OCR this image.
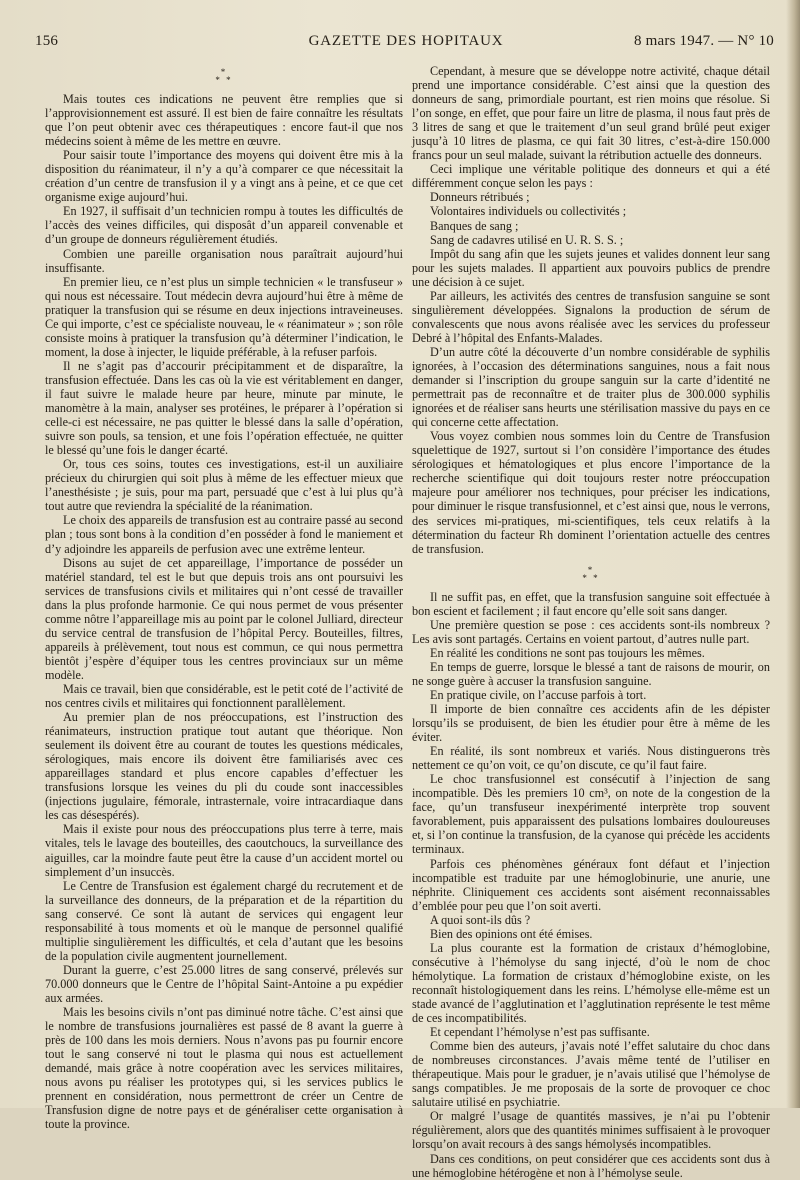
156	GAZETTE DES HOPITAUX	8 mars 1947. — N° 10
*
* *

Mais toutes ces indications ne peuvent être remplies que si l’approvisionnement est assuré. Il est bien de faire connaître les résultats que l’on peut obtenir avec ces thérapeutiques : encore faut-il que nos médecins soient à même de les mettre en œuvre.

Pour saisir toute l’importance des moyens qui doivent être mis à la disposition du réanimateur, il n’y a qu’à comparer ce que nécessitait la création d’un centre de transfusion il y a vingt ans à peine, et ce que cet organisme exige aujourd’hui.

En 1927, il suffisait d’un technicien rompu à toutes les difficultés de l’accès des veines difficiles, qui disposât d’un appareil convenable et d’un groupe de donneurs régulièrement étudiés.

Combien une pareille organisation nous paraîtrait aujourd’hui insuffisante.

En premier lieu, ce n’est plus un simple technicien « le transfuseur » qui nous est nécessaire. Tout médecin devra aujourd’hui être à même de pratiquer la transfusion qui se résume en deux injections intraveineuses. Ce qui importe, c’est ce spécialiste nouveau, le « réanimateur » ; son rôle consiste moins à pratiquer la transfusion qu’à déterminer l’indication, le moment, la dose à injecter, le liquide préférable, à la refuser parfois.

Il ne s’agit pas d’accourir précipitamment et de disparaître, la transfusion effectuée. Dans les cas où la vie est véritablement en danger, il faut suivre le malade heure par heure, minute par minute, le manomètre à la main, analyser ses protéines, le préparer à l’opération si celle-ci est nécessaire, ne pas quitter le blessé dans la salle d’opération, suivre son pouls, sa tension, et une fois l’opération effectuée, ne quitter le blessé qu’une fois le danger écarté.

Or, tous ces soins, toutes ces investigations, est-il un auxiliaire précieux du chirurgien qui soit plus à même de les effectuer mieux que l’anesthésiste ; je suis, pour ma part, persuadé que c’est à lui plus qu’à tout autre que reviendra la spécialité de la réanimation.

Le choix des appareils de transfusion est au contraire passé au second plan ; tous sont bons à la condition d’en posséder à fond le maniement et d’y adjoindre les appareils de perfusion avec une extrême lenteur.

Disons au sujet de cet appareillage, l’importance de posséder un matériel standard, tel est le but que depuis trois ans ont poursuivi les services de transfusions civils et militaires qui n’ont cessé de travailler dans la plus profonde harmonie. Ce qui nous permet de vous présenter comme nôtre l’appareillage mis au point par le colonel Julliard, directeur du service central de transfusion de l’hôpital Percy. Bouteilles, filtres, appareils à prélèvement, tout nous est commun, ce qui nous permettra bientôt j’espère d’équiper tous les centres provinciaux sur un même modèle.

Mais ce travail, bien que considérable, est le petit coté de l’activité de nos centres civils et militaires qui fonctionnent parallèlement.

Au premier plan de nos préoccupations, est l’instruction des réanimateurs, instruction pratique tout autant que théorique. Non seulement ils doivent être au courant de toutes les questions médicales, sérologiques, mais encore ils doivent être familiarisés avec ces appareillages standard et plus encore capables d’effectuer les transfusions lorsque les veines du pli du coude sont inaccessibles (injections jugulaire, fémorale, intrasternale, voire intracardiaque dans les cas désespérés).

Mais il existe pour nous des préoccupations plus terre à terre, mais vitales, tels le lavage des bouteilles, des caoutchoucs, la surveillance des aiguilles, car la moindre faute peut être la cause d’un accident mortel ou simplement d’un insuccès.

Le Centre de Transfusion est également chargé du recrutement et de la surveillance des donneurs, de la préparation et de la répartition du sang conservé. Ce sont là autant de services qui engagent leur responsabilité à tous moments et où le manque de personnel qualifié multiplie singulièrement les difficultés, et cela d’autant que les besoins de la population civile augmentent journellement.

Durant la guerre, c’est 25.000 litres de sang conservé, prélevés sur 70.000 donneurs que le Centre de l’hôpital Saint-Antoine a pu expédier aux armées.

Mais les besoins civils n’ont pas diminué notre tâche. C’est ainsi que le nombre de transfusions journalières est passé de 8 avant la guerre à près de 100 dans les mois derniers. Nous n’avons pas pu fournir encore tout le sang conservé ni tout le plasma qui nous est actuellement demandé, mais grâce à notre coopération avec les services militaires, nous avons pu réaliser les prototypes qui, si les services publics le prennent en considération, nous permettront de créer un Centre de Transfusion digne de notre pays et de généraliser cette organisation à toute la province.

Cependant, à mesure que se développe notre activité, chaque détail prend une importance considérable. C’est ainsi que la question des donneurs de sang, primordiale pourtant, est rien moins que résolue. Si l’on songe, en effet, que pour faire un litre de plasma, il nous faut près de 3 litres de sang et que le traitement d’un seul grand brûlé peut exiger jusqu’à 10 litres de plasma, ce qui fait 30 litres, c’est-à-dire 150.000 francs pour un seul malade, suivant la rétribution actuelle des donneurs.

Ceci implique une véritable politique des donneurs et qui a été différemment conçue selon les pays :

Donneurs rétribués ;

Volontaires individuels ou collectivités ;

Banques de sang ;

Sang de cadavres utilisé en U. R. S. S. ;

Impôt du sang afin que les sujets jeunes et valides donnent leur sang pour les sujets malades. Il appartient aux pouvoirs publics de prendre une décision à ce sujet.

Par ailleurs, les activités des centres de transfusion sanguine se sont singulièrement développées. Signalons la production de sérum de convalescents que nous avons réalisée avec les services du professeur Debré à l’hôpital des Enfants-Malades.

D’un autre côté la découverte d’un nombre considérable de syphilis ignorées, à l’occasion des déterminations sanguines, nous a fait nous demander si l’inscription du groupe sanguin sur la carte d’identité ne permettrait pas de reconnaître et de traiter plus de 300.000 syphilis ignorées et de réaliser sans heurts une stérilisation massive du pays en ce qui concerne cette affectation.

Vous voyez combien nous sommes loin du Centre de Transfusion squelettique de 1927, surtout si l’on considère l’importance des études sérologiques et hématologiques et plus encore l’importance de la recherche scientifique qui doit toujours rester notre préoccupation majeure pour améliorer nos techniques, pour préciser les indications, pour diminuer le risque transfusionnel, et c’est ainsi que, nous le verrons, des services mi-pratiques, mi-scientifiques, tels ceux relatifs à la détermination du facteur Rh dominent l’orientation actuelle des centres de transfusion.

*
* *

Il ne suffit pas, en effet, que la transfusion sanguine soit effectuée à bon escient et facilement ; il faut encore qu’elle soit sans danger.

Une première question se pose : ces accidents sont-ils nombreux ? Les avis sont partagés. Certains en voient partout, d’autres nulle part.

En réalité les conditions ne sont pas toujours les mêmes.

En temps de guerre, lorsque le blessé a tant de raisons de mourir, on ne songe guère à accuser la transfusion sanguine.

En pratique civile, on l’accuse parfois à tort.

Il importe de bien connaître ces accidents afin de les dépister lorsqu’ils se produisent, de bien les étudier pour être à même de les éviter.

En réalité, ils sont nombreux et variés. Nous distinguerons très nettement ce qu’on voit, ce qu’on discute, ce qu’il faut faire.

Le choc transfusionnel est consécutif à l’injection de sang incompatible. Dès les premiers 10 cm³, on note de la congestion de la face, qu’un transfuseur inexpérimenté interprète trop souvent favorablement, puis apparaissent des pulsations lombaires douloureuses et, si l’on continue la transfusion, de la cyanose qui précède les accidents terminaux.

Parfois ces phénomènes généraux font défaut et l’injection incompatible est traduite par une hémoglobinurie, une anurie, une néphrite. Cliniquement ces accidents sont aisément reconnaissables d’emblée pour peu que l’on soit averti.

A quoi sont-ils dûs ?

Bien des opinions ont été émises.

La plus courante est la formation de cristaux d’hémoglobine, consécutive à l’hémolyse du sang injecté, d’où le nom de choc hémolytique. La formation de cristaux d’hémoglobine existe, on les reconnaît histologiquement dans les reins. L’hémolyse elle-même est un stade avancé de l’agglutination et l’agglutination représente le test même de ces incompatibilités.

Et cependant l’hémolyse n’est pas suffisante.

Comme bien des auteurs, j’avais noté l’effet salutaire du choc dans de nombreuses circonstances. J’avais même tenté de l’utiliser en thérapeutique. Mais pour le graduer, je n’avais utilisé que l’hémolyse de sangs compatibles. Je me proposais de la sorte de provoquer ce choc salutaire utilisé en psychiatrie.

Or malgré l’usage de quantités massives, je n’ai pu l’obtenir régulièrement, alors que des quantités minimes suffisaient à le provoquer lorsqu’on avait recours à des sangs hémolysés incompatibles.

Dans ces conditions, on peut considérer que ces accidents sont dus à une hémoglobine hétérogène et non à l’hémolyse seule.
